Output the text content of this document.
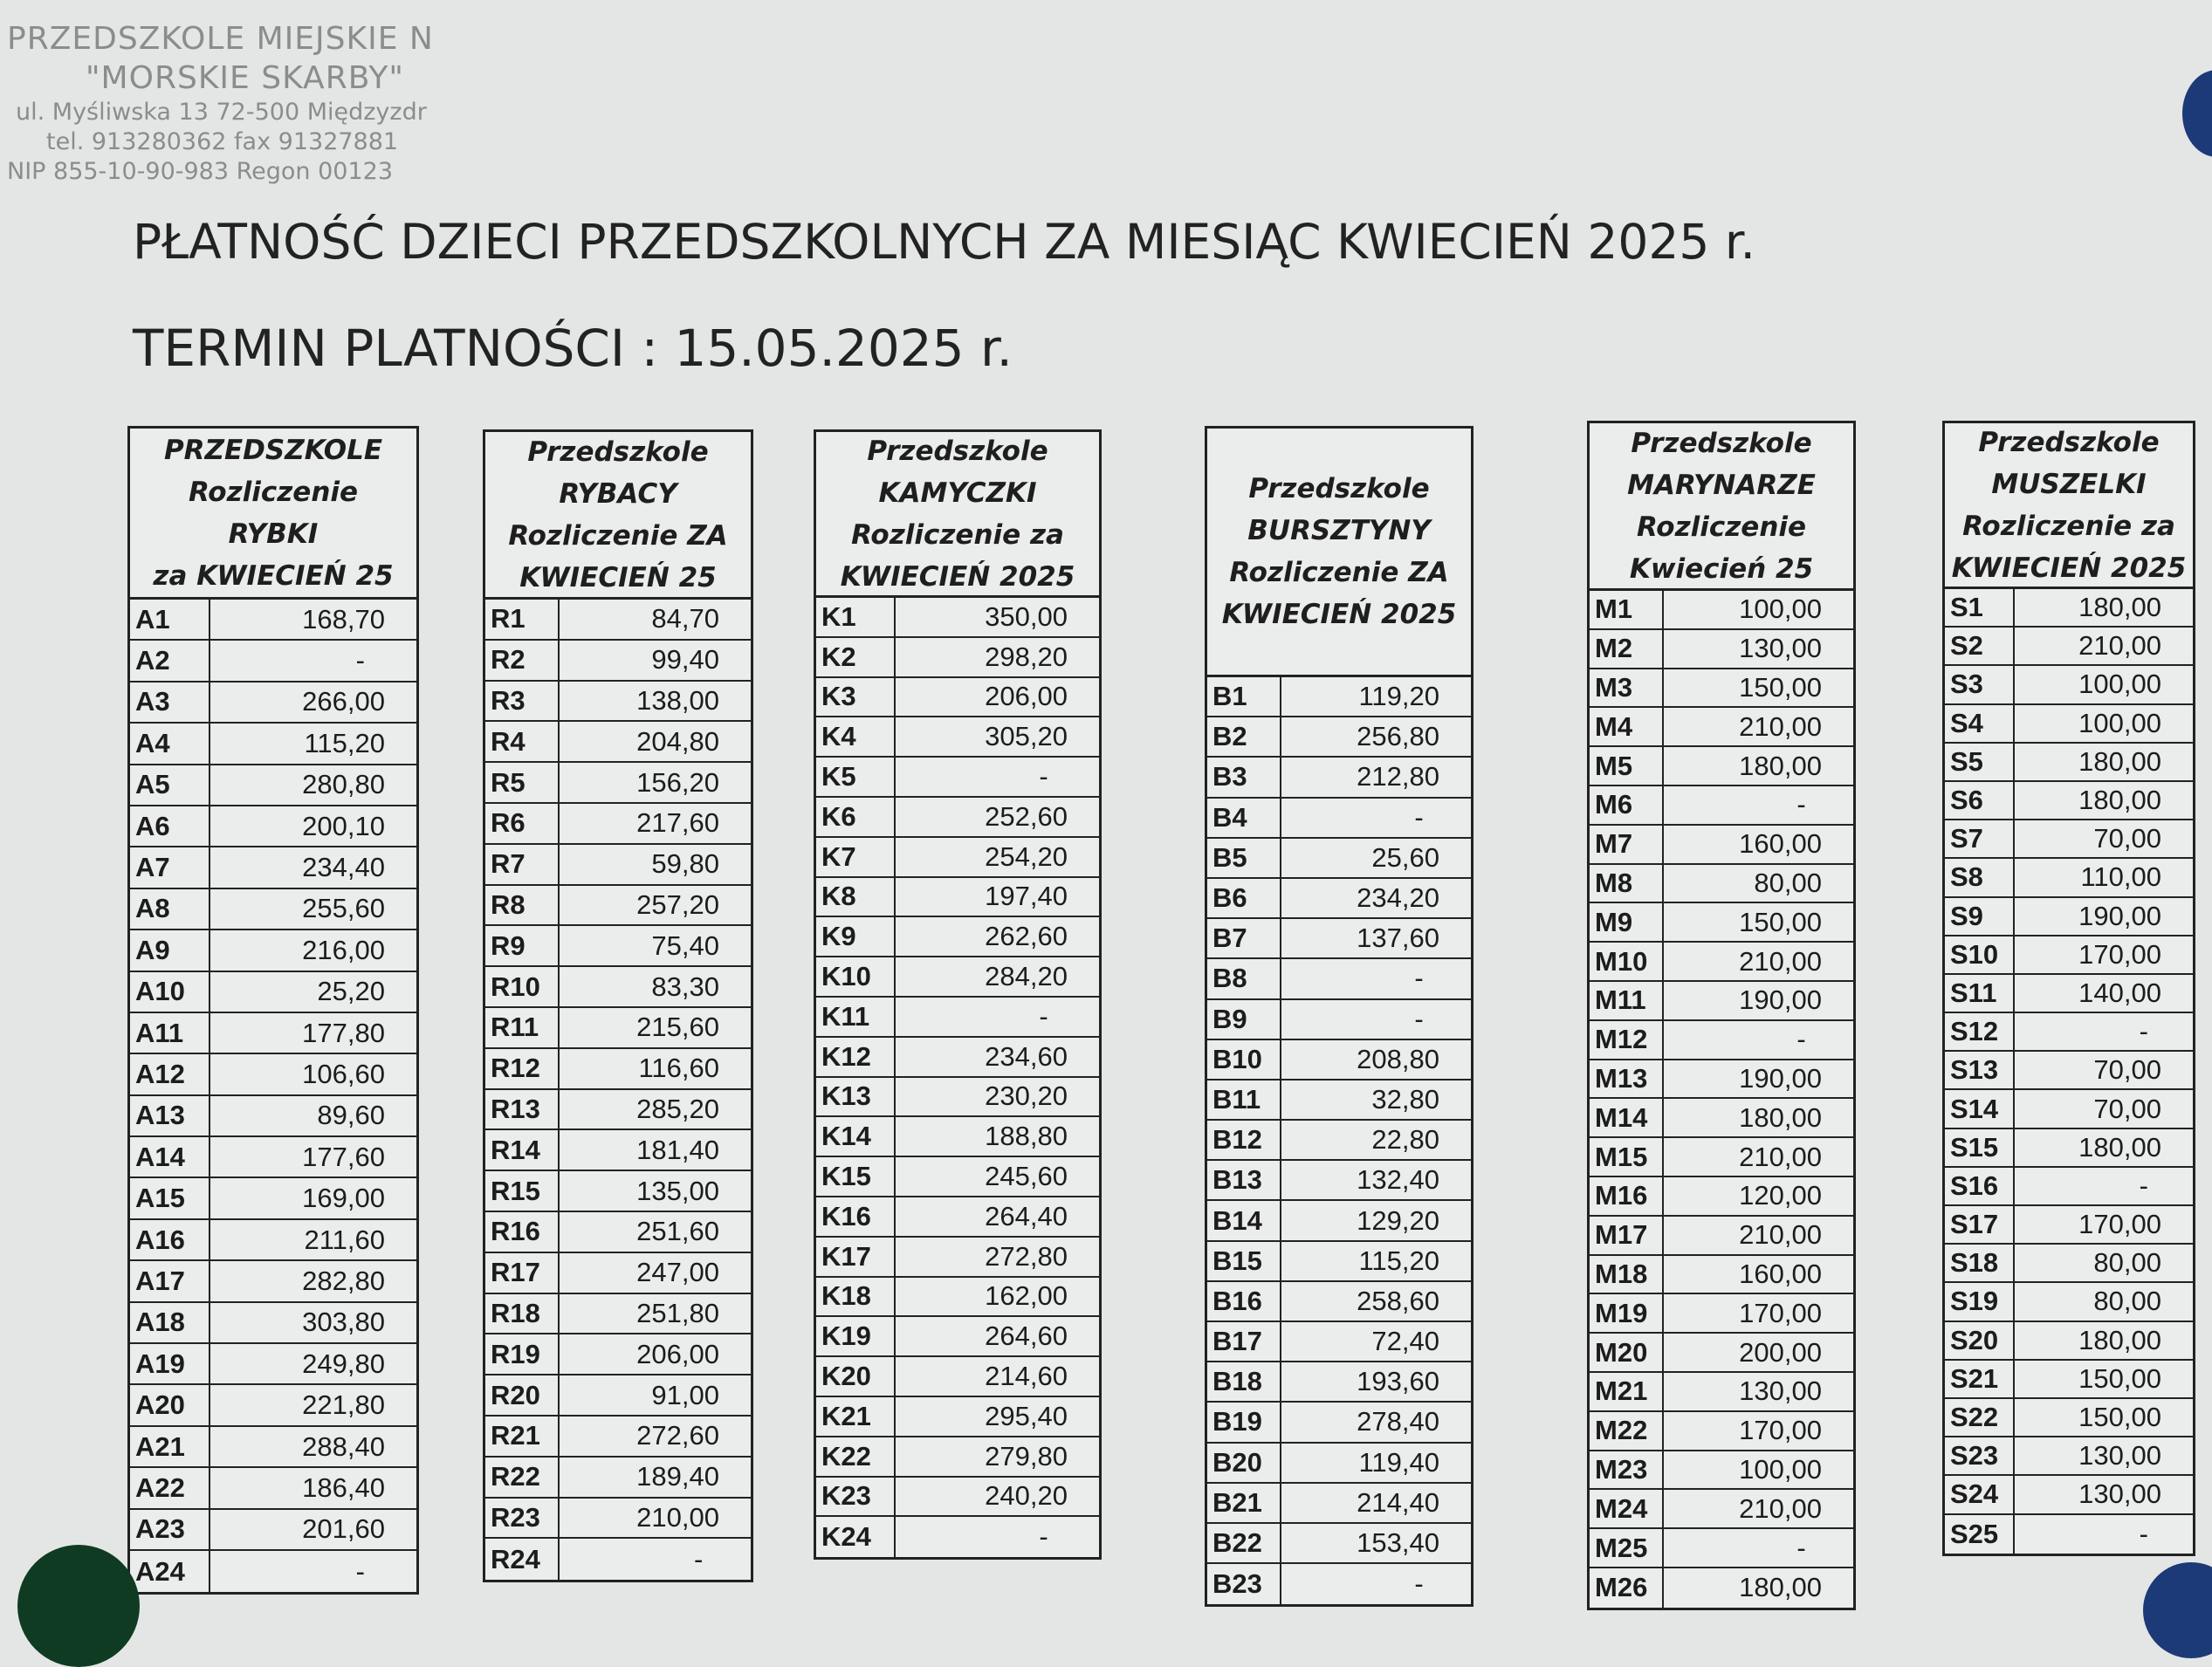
PRZEDSZKOLE MIEJSKIE N
"MORSKIE SKARBY"
ul. Myśliwska 13 72-500 Międzyzdr
tel. 913280362 fax 91327881
NIP 855-10-90-983 Regon 00123
PŁATNOŚĆ DZIECI PRZEDSZKOLNYCH ZA MIESIĄC KWIECIEŃ 2025 r.
TERMIN PLATNOŚCI : 15.05.2025 r.
PRZEDSZKOLE
Rozliczenie
RYBKI
za KWIECIEŃ 25
A1	168,70
A2	-
A3	266,00
A4	115,20
A5	280,80
A6	200,10
A7	234,40
A8	255,60
A9	216,00
A10	25,20
A11	177,80
A12	106,60
A13	89,60
A14	177,60
A15	169,00
A16	211,60
A17	282,80
A18	303,80
A19	249,80
A20	221,80
A21	288,40
A22	186,40
A23	201,60
A24	-
Przedszkole
RYBACY
Rozliczenie ZA
KWIECIEŃ 25
R1	84,70
R2	99,40
R3	138,00
R4	204,80
R5	156,20
R6	217,60
R7	59,80
R8	257,20
R9	75,40
R10	83,30
R11	215,60
R12	116,60
R13	285,20
R14	181,40
R15	135,00
R16	251,60
R17	247,00
R18	251,80
R19	206,00
R20	91,00
R21	272,60
R22	189,40
R23	210,00
R24	-
Przedszkole
KAMYCZKI
Rozliczenie za
KWIECIEŃ 2025
K1	350,00
K2	298,20
K3	206,00
K4	305,20
K5	-
K6	252,60
K7	254,20
K8	197,40
K9	262,60
K10	284,20
K11	-
K12	234,60
K13	230,20
K14	188,80
K15	245,60
K16	264,40
K17	272,80
K18	162,00
K19	264,60
K20	214,60
K21	295,40
K22	279,80
K23	240,20
K24	-
Przedszkole
BURSZTYNY
Rozliczenie ZA
KWIECIEŃ 2025
B1	119,20
B2	256,80
B3	212,80
B4	-
B5	25,60
B6	234,20
B7	137,60
B8	-
B9	-
B10	208,80
B11	32,80
B12	22,80
B13	132,40
B14	129,20
B15	115,20
B16	258,60
B17	72,40
B18	193,60
B19	278,40
B20	119,40
B21	214,40
B22	153,40
B23	-
Przedszkole
MARYNARZE
Rozliczenie
Kwiecień 25
M1	100,00
M2	130,00
M3	150,00
M4	210,00
M5	180,00
M6	-
M7	160,00
M8	80,00
M9	150,00
M10	210,00
M11	190,00
M12	-
M13	190,00
M14	180,00
M15	210,00
M16	120,00
M17	210,00
M18	160,00
M19	170,00
M20	200,00
M21	130,00
M22	170,00
M23	100,00
M24	210,00
M25	-
M26	180,00
Przedszkole
MUSZELKI
Rozliczenie za
KWIECIEŃ 2025
S1	180,00
S2	210,00
S3	100,00
S4	100,00
S5	180,00
S6	180,00
S7	70,00
S8	110,00
S9	190,00
S10	170,00
S11	140,00
S12	-
S13	70,00
S14	70,00
S15	180,00
S16	-
S17	170,00
S18	80,00
S19	80,00
S20	180,00
S21	150,00
S22	150,00
S23	130,00
S24	130,00
S25	-
